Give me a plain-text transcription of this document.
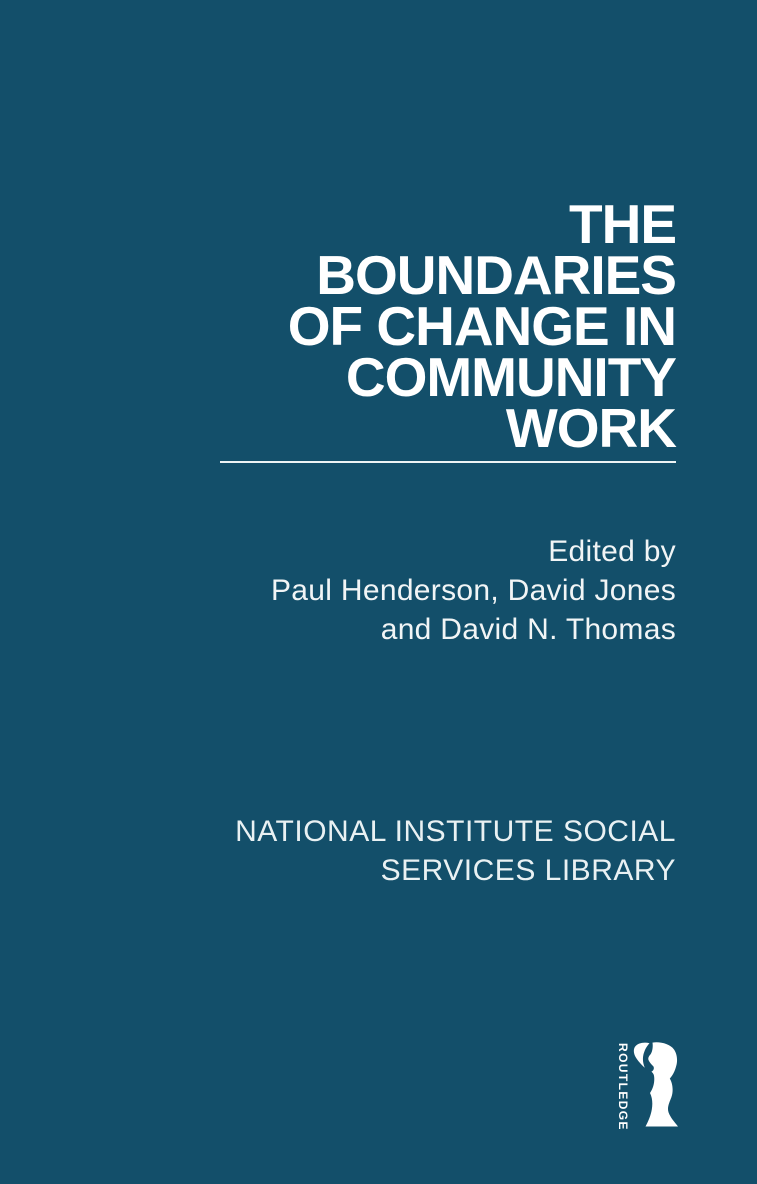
THE
BOUNDARIES
OF CHANGE IN
COMMUNITY
WORK
Edited by
Paul Henderson, David Jones
and David N. Thomas
NATIONAL INSTITUTE SOCIAL
SERVICES LIBRARY
ROUTLEDGE
